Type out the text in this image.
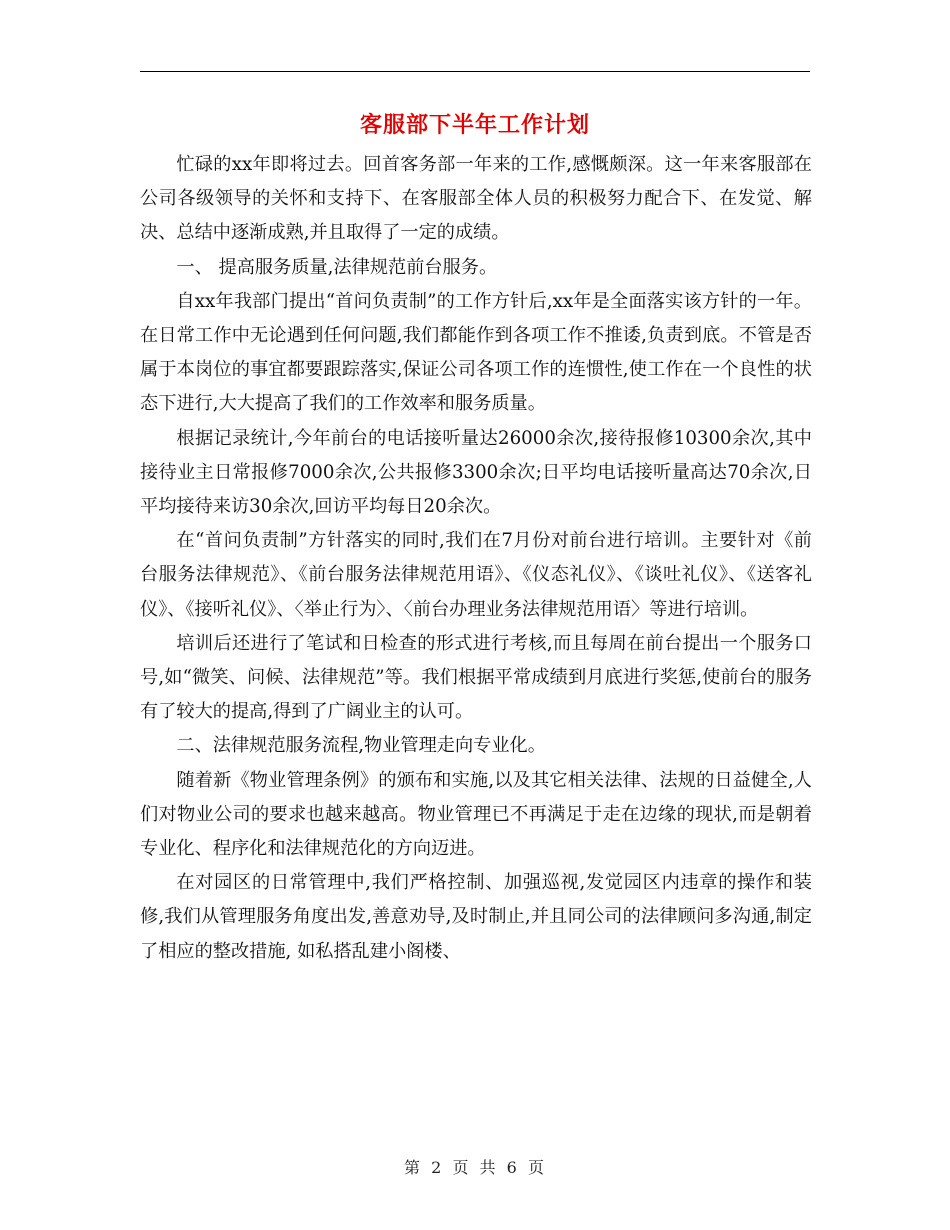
客服部下半年工作计划

忙碌的xx年即将过去。回首客务部一年来的工作,感慨颇深。这一年来客服部在公司各级领导的关怀和支持下、在客服部全体人员的积极努力配合下、在发觉、解决、总结中逐渐成熟,并且取得了一定的成绩。

一、 提高服务质量,法律规范前台服务。

自xx年我部门提出“首问负责制”的工作方针后,xx年是全面落实该方针的一年。在日常工作中无论遇到任何问题,我们都能作到各项工作不推诿,负责到底。不管是否属于本岗位的事宜都要跟踪落实,保证公司各项工作的连惯性,使工作在一个良性的状态下进行,大大提高了我们的工作效率和服务质量。

根据记录统计,今年前台的电话接听量达26000余次,接待报修10300余次,其中接待业主日常报修7000余次,公共报修3300余次;日平均电话接听量高达70余次,日平均接待来访30余次,回访平均每日20余次。

在“首问负责制”方针落实的同时,我们在7月份对前台进行培训。主要针对《前台服务法律规范》、《前台服务法律规范用语》、《仪态礼仪》、《谈吐礼仪》、《送客礼仪》、《接听礼仪》、〈举止行为〉、〈前台办理业务法律规范用语〉等进行培训。

培训后还进行了笔试和日检查的形式进行考核,而且每周在前台提出一个服务口号,如“微笑、问候、法律规范”等。我们根据平常成绩到月底进行奖惩,使前台的服务有了较大的提高,得到了广阔业主的认可。

二、法律规范服务流程,物业管理走向专业化。

随着新《物业管理条例》的颁布和实施,以及其它相关法律、法规的日益健全,人们对物业公司的要求也越来越高。物业管理已不再满足于走在边缘的现状,而是朝着专业化、程序化和法律规范化的方向迈进。

在对园区的日常管理中,我们严格控制、加强巡视,发觉园区内违章的操作和装修,我们从管理服务角度出发,善意劝导,及时制止,并且同公司的法律顾问多沟通,制定了相应的整改措施, 如私搭乱建小阁楼、

第 2 页 共 6 页
